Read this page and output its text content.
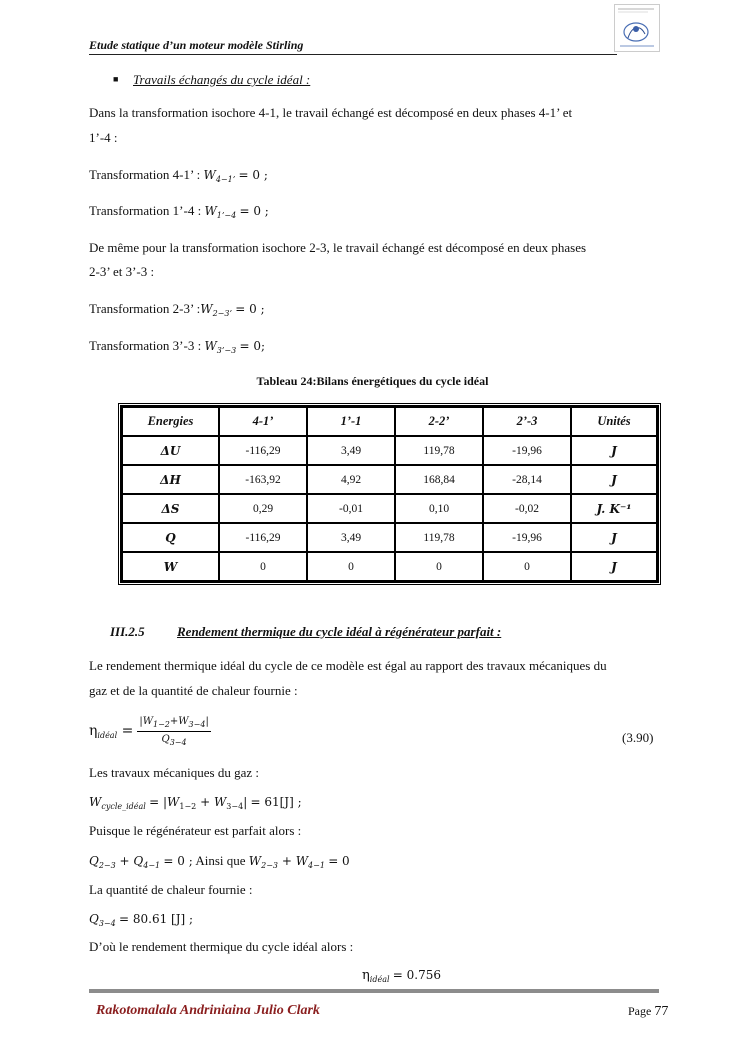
Etude statique d’un moteur modèle Stirling
■ Travails échangés du cycle idéal :
Dans la transformation isochore 4-1, le travail échangé est décomposé en deux phases 4-1’ et
1’-4 :
Transformation 4-1’ : $W_{4-1’} = 0$ ;
Transformation 1’-4 : $W_{1’-4} = 0$ ;
De même pour la transformation isochore 2-3, le travail échangé est décomposé en deux phases
2-3’ et 3’-3 :
Transformation 2-3’ $:W_{2-3’} = 0$ ;
Transformation 3’-3 : $W_{3’-3} = 0$;
Tableau 24:Bilans énergétiques du cycle idéal
Energies	4-1’	1’-1	2-2’	2’-3	Unités
ΔU	-116,29	3,49	119,78	-19,96	J
ΔH	-163,92	4,92	168,84	-28,14	J
ΔS	0,29	-0,01	0,10	-0,02	J. K⁻¹
Q	-116,29	3,49	119,78	-19,96	J
W	0	0	0	0	J
III.2.5 Rendement thermique du cycle idéal à régénérateur parfait :
Le rendement thermique idéal du cycle de ce modèle est égal au rapport des travaux mécaniques du
gaz et de la quantité de chaleur fournie :
$\eta_{idéal} = \frac{|W_{1-2}+W_{3-4}|}{Q_{3-4}}$	(3.90)
Les travaux mécaniques du gaz :
$W_{cycle\_idéal} = |W_{1-2} + W_{3-4}| = 61[J]$ ;
Puisque le régénérateur est parfait alors :
$Q_{2-3} + Q_{4-1} = 0$ ; Ainsi que $W_{2-3} + W_{4-1} = 0$
La quantité de chaleur fournie :
$Q_{3-4} = 80.61$ [J] ;
D’où le rendement thermique du cycle idéal alors :
$\eta_{idéal} = 0.756$
Rakotomalala Andriniaina Julio Clark	Page 77
